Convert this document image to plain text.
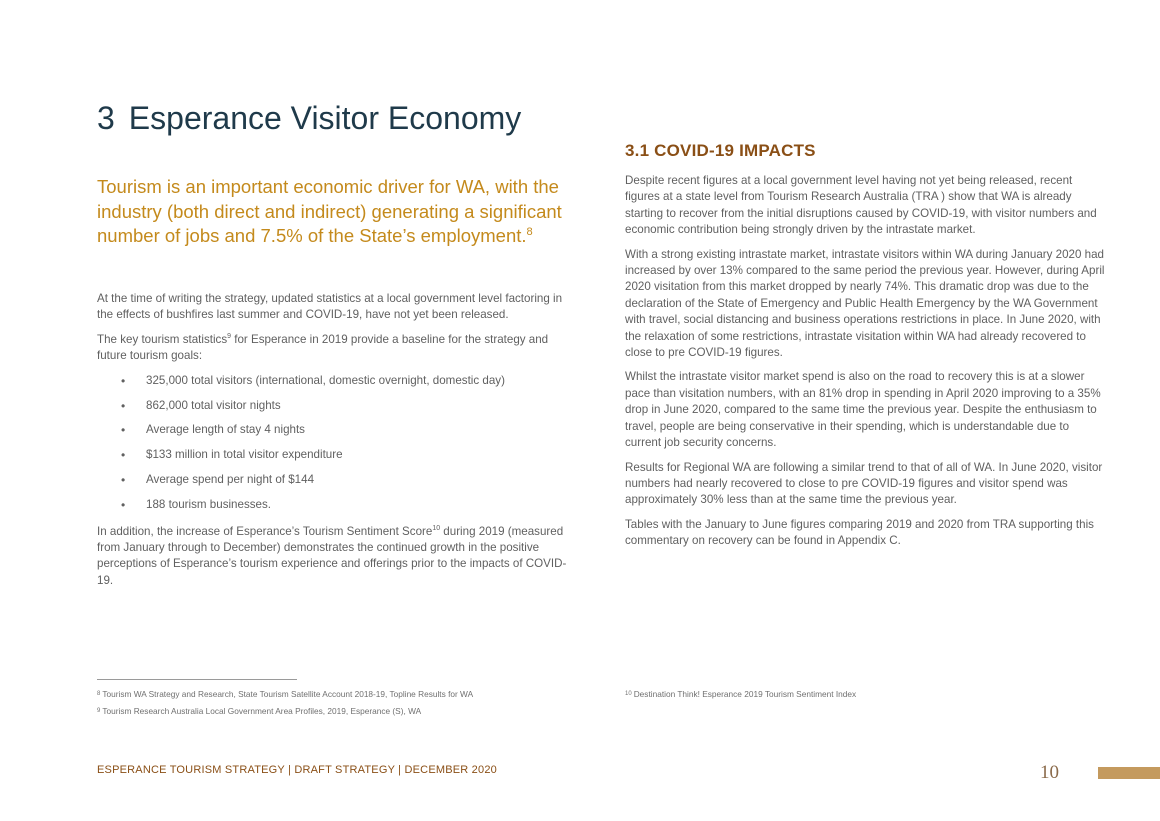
3 Esperance Visitor Economy

Tourism is an important economic driver for WA, with the industry (both direct and indirect) generating a significant number of jobs and 7.5% of the State’s employment.$^8$

At the time of writing the strategy, updated statistics at a local government level factoring in the effects of bushfires last summer and COVID-19, have not yet been released.

The key tourism statistics$^9$ for Esperance in 2019 provide a baseline for the strategy and future tourism goals:

• 325,000 total visitors (international, domestic overnight, domestic day)
• 862,000 total visitor nights
• Average length of stay 4 nights
• $133 million in total visitor expenditure
• Average spend per night of $144
• 188 tourism businesses.

In addition, the increase of Esperance’s Tourism Sentiment Score$^{10}$ during 2019 (measured from January through to December) demonstrates the continued growth in the positive perceptions of Esperance’s tourism experience and offerings prior to the impacts of COVID-19.

3.1 COVID-19 IMPACTS

Despite recent figures at a local government level having not yet being released, recent figures at a state level from Tourism Research Australia (TRA ) show that WA is already starting to recover from the initial disruptions caused by COVID-19, with visitor numbers and economic contribution being strongly driven by the intrastate market.

With a strong existing intrastate market, intrastate visitors within WA during January 2020 had increased by over 13% compared to the same period the previous year. However, during April 2020 visitation from this market dropped by nearly 74%. This dramatic drop was due to the declaration of the State of Emergency and Public Health Emergency by the WA Government with travel, social distancing and business operations restrictions in place. In June 2020, with the relaxation of some restrictions, intrastate visitation within WA had already recovered to close to pre COVID-19 figures.

Whilst the intrastate visitor market spend is also on the road to recovery this is at a slower pace than visitation numbers, with an 81% drop in spending in April 2020 improving to a 35% drop in June 2020, compared to the same time the previous year. Despite the enthusiasm to travel, people are being conservative in their spending, which is understandable due to current job security concerns.

Results for Regional WA are following a similar trend to that of all of WA. In June 2020, visitor numbers had nearly recovered to close to pre COVID-19 figures and visitor spend was approximately 30% less than at the same time the previous year.

Tables with the January to June figures comparing 2019 and 2020 from TRA supporting this commentary on recovery can be found in Appendix C.

$^8$ Tourism WA Strategy and Research, State Tourism Satellite Account 2018-19, Topline Results for WA

$^9$ Tourism Research Australia Local Government Area Profiles, 2019, Esperance (S), WA

$^{10}$ Destination Think! Esperance 2019 Tourism Sentiment Index

ESPERANCE TOURISM STRATEGY | DRAFT STRATEGY | DECEMBER 2020	10
